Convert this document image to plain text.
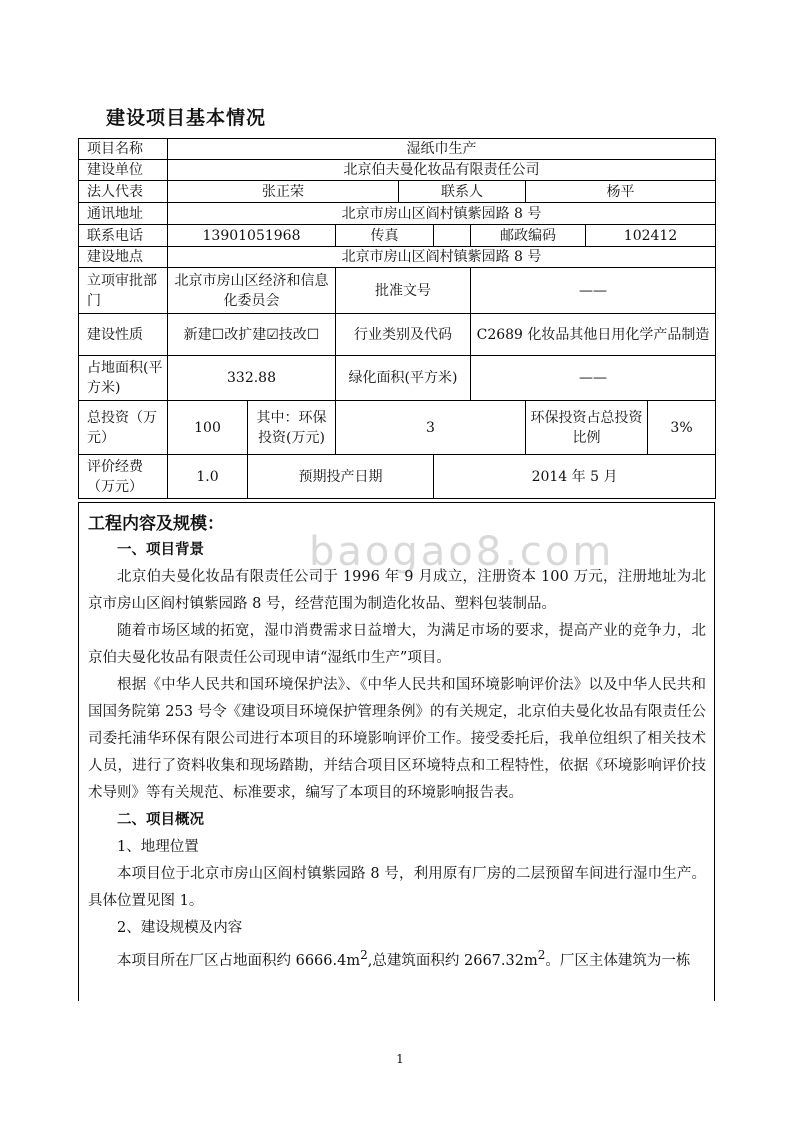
建设项目基本情况
项目名称	湿纸巾生产								
建设单位	北京伯夫曼化妆品有限责任公司								
法人代表	张正荣			联系人			杨平		
通讯地址	北京市房山区阎村镇紫园路 8 号								
联系电话	13901051968		传真			邮政编码		102412	
建设地点	北京市房山区阎村镇紫园路 8 号								
立项审批部门	北京市房山区经济和信息化委员会		批准文号			——			
建设性质	新建☐改扩建☑技改☐		行业类别及代码			C2689 化妆品其他日用化学产品制造			
占地面积(平方米)	332.88		绿化面积(平方米)			——			
总投资（万元）	100	其中：环保投资(万元)	3				环保投资占总投资比例		3%
评价经费（万元）	1.0	预期投产日期			2014 年 5 月				
工程内容及规模：
baogao8.com

一、项目背景

北京伯夫曼化妆品有限责任公司于 1996 年 9 月成立，注册资本 100 万元，注册地址为北京市房山区阎村镇紫园路 8 号，经营范围为制造化妆品、塑料包装制品。

随着市场区域的拓宽，湿巾消费需求日益增大，为满足市场的要求，提高产业的竞争力，北京伯夫曼化妆品有限责任公司现申请“湿纸巾生产”项目。

根据《中华人民共和国环境保护法》、《中华人民共和国环境影响评价法》以及中华人民共和国国务院第 253 号令《建设项目环境保护管理条例》的有关规定，北京伯夫曼化妆品有限责任公司委托浦华环保有限公司进行本项目的环境影响评价工作。接受委托后，我单位组织了相关技术人员，进行了资料收集和现场踏勘，并结合项目区环境特点和工程特性，依据《环境影响评价技术导则》等有关规范、标准要求，编写了本项目的环境影响报告表。

二、项目概况

1、地理位置

本项目位于北京市房山区阎村镇紫园路 8 号，利用原有厂房的二层预留车间进行湿巾生产。具体位置见图 1。

2、建设规模及内容

本项目所在厂区占地面积约 $6666.4m^2$,总建筑面积约 $2667.32m^2$。厂区主体建筑为一栋

1
